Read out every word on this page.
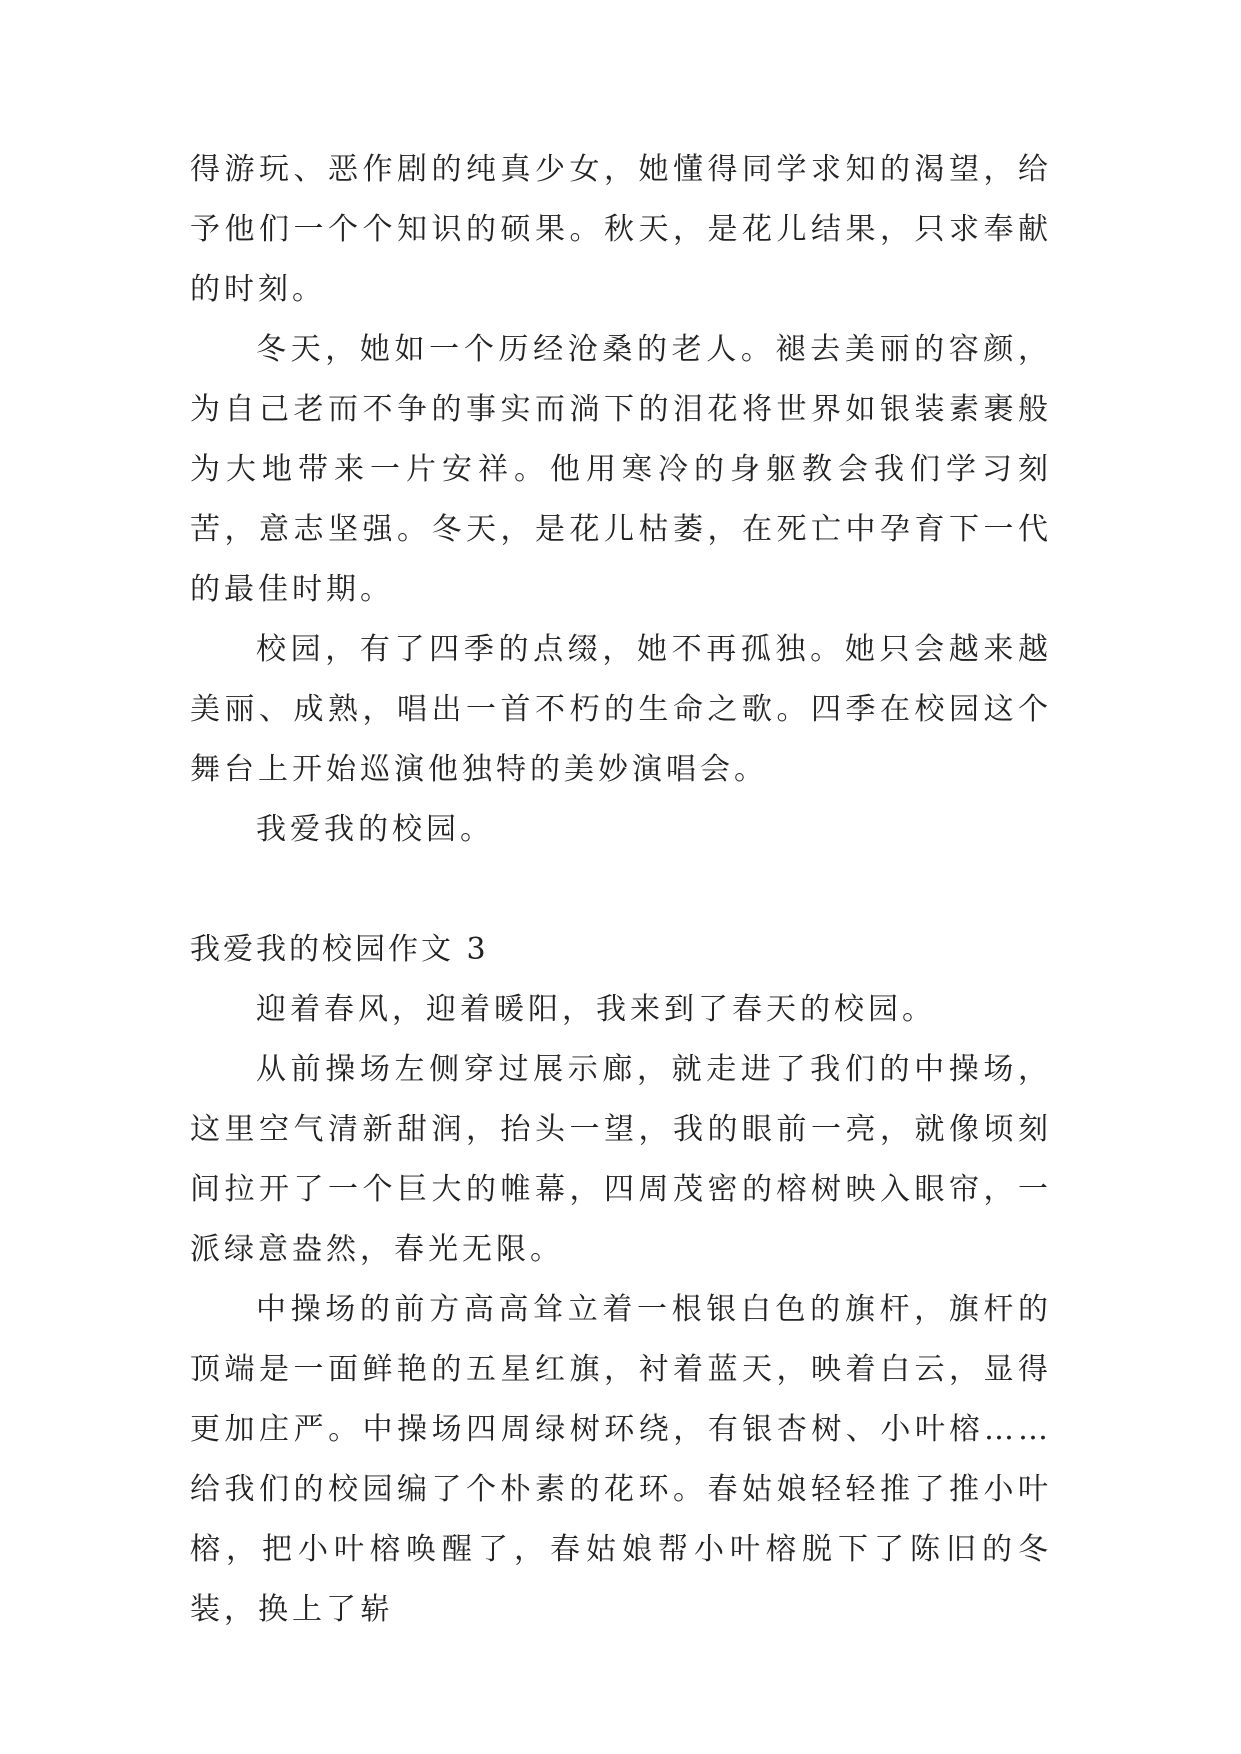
得游玩、恶作剧的纯真少女，她懂得同学求知的渴望，给予他们一个个知识的硕果。秋天，是花儿结果，只求奉献的时刻。

冬天，她如一个历经沧桑的老人。褪去美丽的容颜，为自己老而不争的事实而淌下的泪花将世界如银装素裹般为大地带来一片安祥。他用寒冷的身躯教会我们学习刻苦，意志坚强。冬天，是花儿枯萎，在死亡中孕育下一代的最佳时期。

校园，有了四季的点缀，她不再孤独。她只会越来越美丽、成熟，唱出一首不朽的生命之歌。四季在校园这个舞台上开始巡演他独特的美妙演唱会。

我爱我的校园。

我爱我的校园作文 3

迎着春风，迎着暖阳，我来到了春天的校园。

从前操场左侧穿过展示廊，就走进了我们的中操场，这里空气清新甜润，抬头一望，我的眼前一亮，就像顷刻间拉开了一个巨大的帷幕，四周茂密的榕树映入眼帘，一派绿意盎然，春光无限。

中操场的前方高高耸立着一根银白色的旗杆，旗杆的顶端是一面鲜艳的五星红旗，衬着蓝天，映着白云，显得更加庄严。中操场四周绿树环绕，有银杏树、小叶榕……给我们的校园编了个朴素的花环。春姑娘轻轻推了推小叶榕，把小叶榕唤醒了，春姑娘帮小叶榕脱下了陈旧的冬装，换上了崭
